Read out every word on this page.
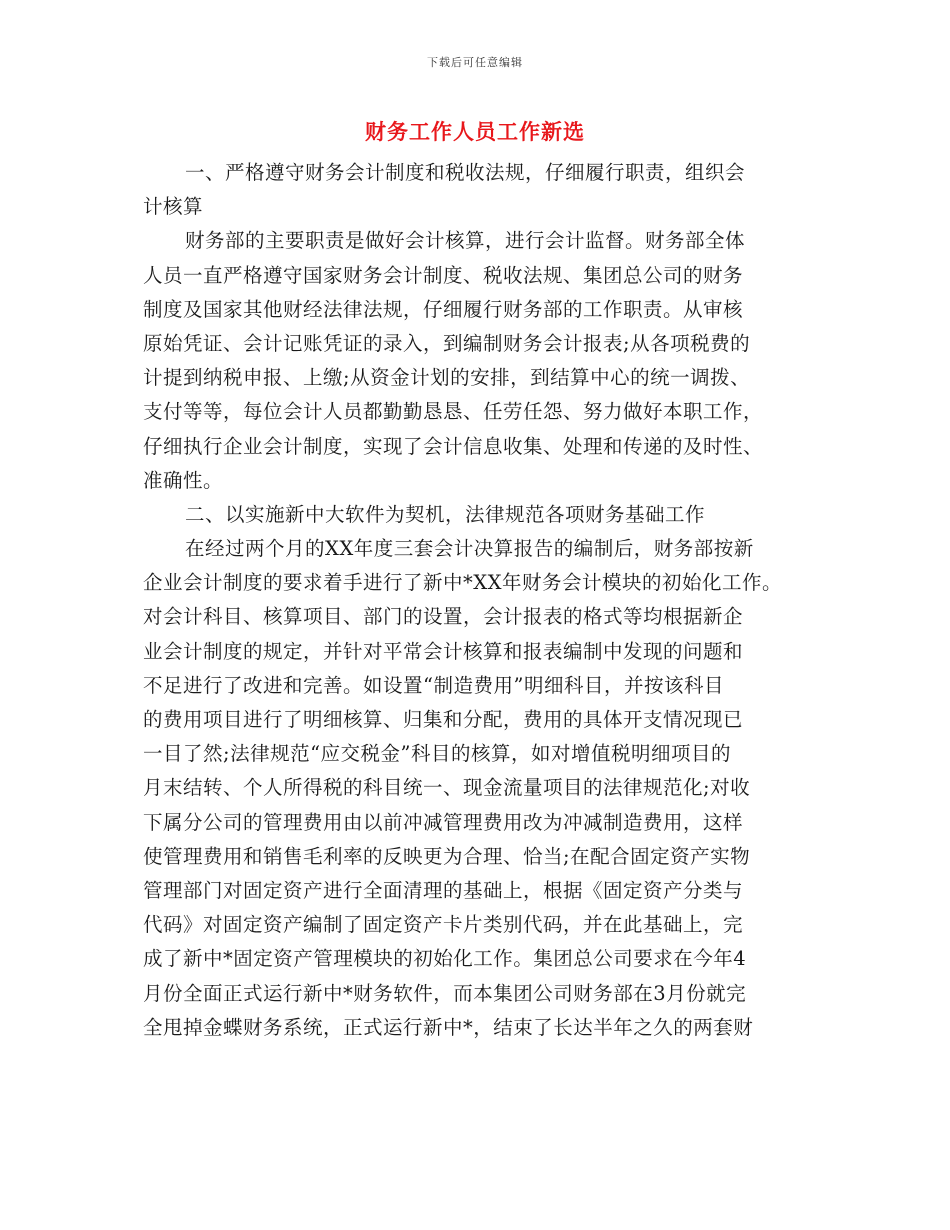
下载后可任意编辑
财务工作人员工作新选
一、严格遵守财务会计制度和税收法规，仔细履行职责，组织会
计核算
财务部的主要职责是做好会计核算，进行会计监督。财务部全体
人员一直严格遵守国家财务会计制度、税收法规、集团总公司的财务
制度及国家其他财经法律法规，仔细履行财务部的工作职责。从审核
原始凭证、会计记账凭证的录入，到编制财务会计报表;从各项税费的
计提到纳税申报、上缴;从资金计划的安排，到结算中心的统一调拨、
支付等等，每位会计人员都勤勤恳恳、任劳任怨、努力做好本职工作，
仔细执行企业会计制度，实现了会计信息收集、处理和传递的及时性、
准确性。
二、以实施新中大软件为契机，法律规范各项财务基础工作
在经过两个月的XX年度三套会计决算报告的编制后，财务部按新
企业会计制度的要求着手进行了新中*XX年财务会计模块的初始化工作。
对会计科目、核算项目、部门的设置，会计报表的格式等均根据新企
业会计制度的规定，并针对平常会计核算和报表编制中发现的问题和
不足进行了改进和完善。如设置“制造费用”明细科目，并按该科目
的费用项目进行了明细核算、归集和分配，费用的具体开支情况现已
一目了然;法律规范“应交税金”科目的核算，如对增值税明细项目的
月末结转、个人所得税的科目统一、现金流量项目的法律规范化;对收
下属分公司的管理费用由以前冲减管理费用改为冲减制造费用，这样
使管理费用和销售毛利率的反映更为合理、恰当;在配合固定资产实物
管理部门对固定资产进行全面清理的基础上，根据《固定资产分类与
代码》对固定资产编制了固定资产卡片类别代码，并在此基础上，完
成了新中*固定资产管理模块的初始化工作。集团总公司要求在今年4
月份全面正式运行新中*财务软件，而本集团公司财务部在3月份就完
全甩掉金蝶财务系统，正式运行新中*，结束了长达半年之久的两套财
